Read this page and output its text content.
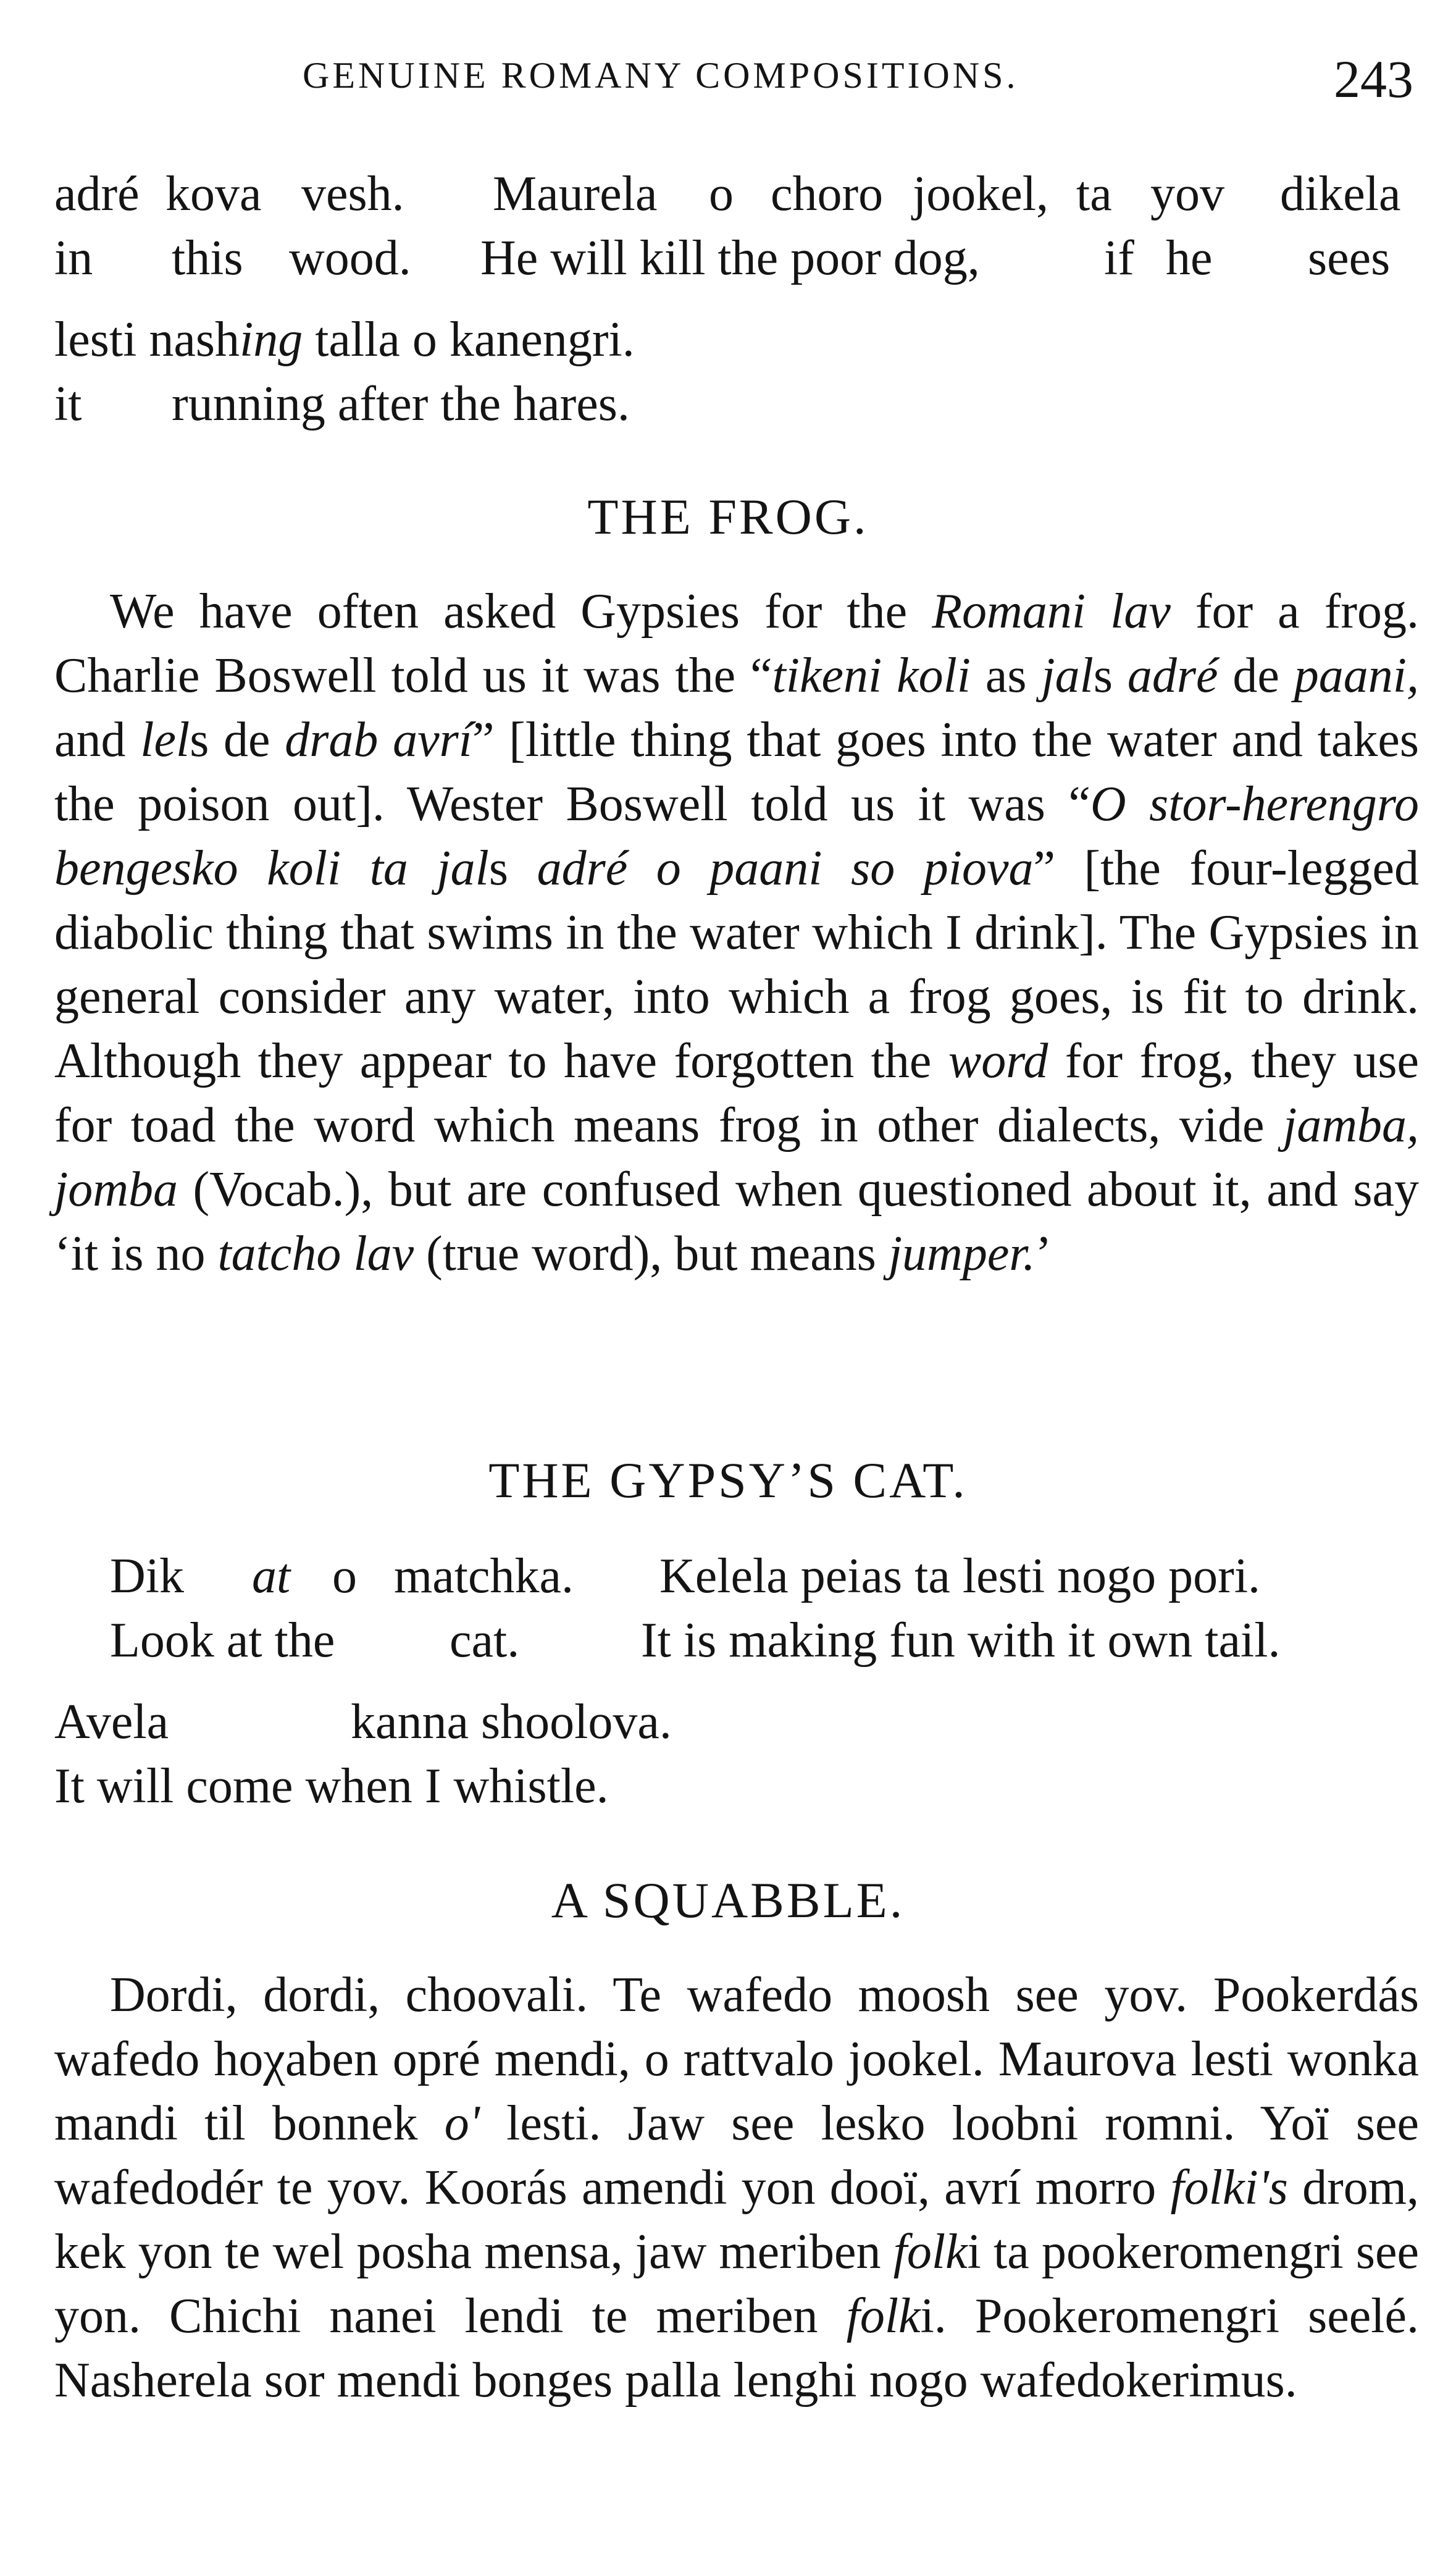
GENUINE ROMANY COMPOSITIONS.	243
adré kova vesh. Maurela o choro jookel, ta yov dikela
in this wood. He will kill the poor dog,	if he sees
lesti nashing talla o kanengri.
it running after the hares.
THE FROG.

We have often asked Gypsies for the Romani lav for a frog. Charlie Boswell told us it was the “tikeni koli as jals adré de paani, and lels de drab avrí” [little thing that goes into the water and takes the poison out]. Wester Boswell told us it was “O stor-herengro bengesko koli ta jals adré o paani so piova” [the four-legged diabolic thing that swims in the water which I drink]. The Gypsies in general consider any water, into which a frog goes, is fit to drink. Although they appear to have forgotten the word for frog, they use for toad the word which means frog in other dialects, vide jamba, jomba (Vocab.), but are confused when questioned about it, and say ‘it is no tatcho lav (true word), but means jumper.’

THE GYPSY’S CAT.
Dik at o matchka. Kelela peias ta lesti nogo pori.
Look at the cat. It is making fun with it own tail.
Avela	kanna shoolova.
It will come when I whistle.
A SQUABBLE.

Dordi, dordi, choovali. Te wafedo moosh see yov. Pookerdás wafedo hoχaben opré mendi, o rattvalo jookel. Maurova lesti wonka mandi til bonnek o' lesti. Jaw see lesko loobni romni. Yoï see wafedodér te yov. Koorás amendi yon dooï, avrí morro folki's drom, kek yon te wel posha mensa, jaw meriben folki ta pookeromengri see yon. Chichi nanei lendi te meriben folki. Pookeromengri seelé. Nasherela sor mendi bonges palla lenghi nogo wafedokerimus.
